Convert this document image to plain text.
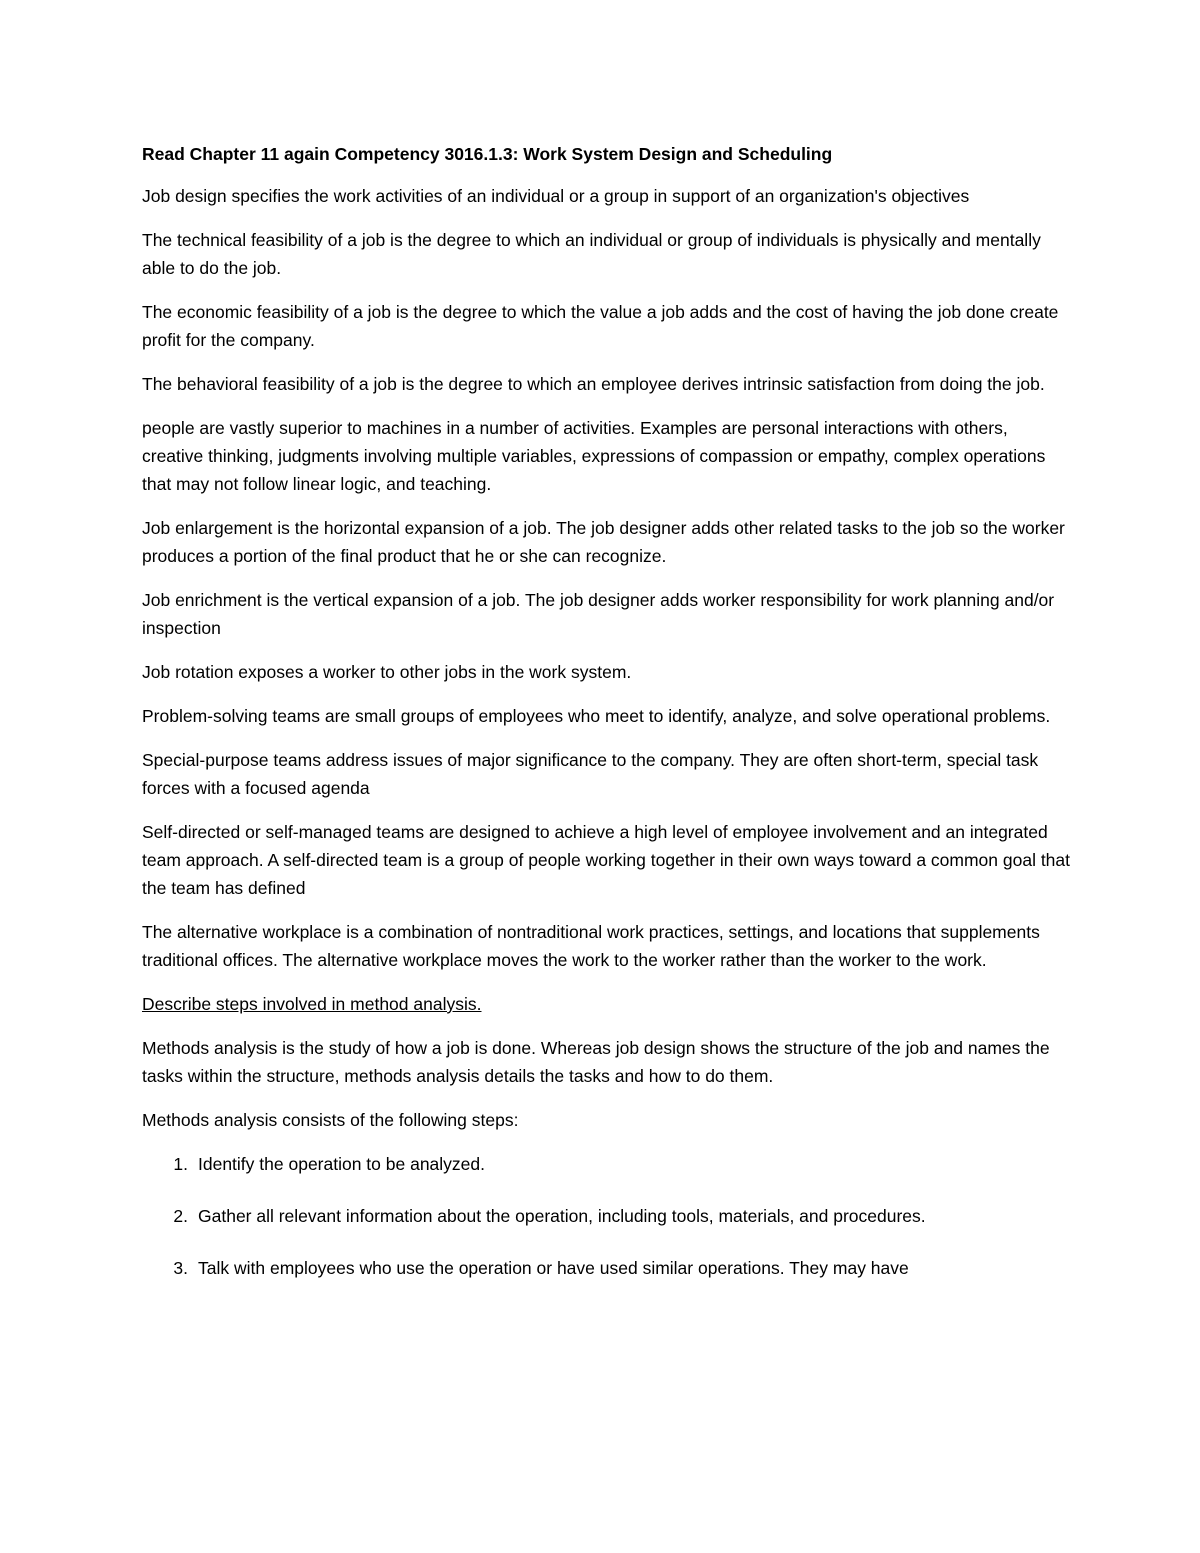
Read Chapter 11 again Competency 3016.1.3: Work System Design and Scheduling
Job design specifies the work activities of an individual or a group in support of an organization's objectives
The technical feasibility of a job is the degree to which an individual or group of individuals is physically and mentally able to do the job.
The economic feasibility of a job is the degree to which the value a job adds and the cost of having the job done create profit for the company.
The behavioral feasibility of a job is the degree to which an employee derives intrinsic satisfaction from doing the job.
people are vastly superior to machines in a number of activities. Examples are personal interactions with others, creative thinking, judgments involving multiple variables, expressions of compassion or empathy, complex operations that may not follow linear logic, and teaching.
Job enlargement is the horizontal expansion of a job. The job designer adds other related tasks to the job so the worker produces a portion of the final product that he or she can recognize.
Job enrichment is the vertical expansion of a job. The job designer adds worker responsibility for work planning and/or inspection
Job rotation exposes a worker to other jobs in the work system.
Problem-solving teams are small groups of employees who meet to identify, analyze, and solve operational problems.
Special-purpose teams address issues of major significance to the company. They are often short-term, special task forces with a focused agenda
Self-directed or self-managed teams are designed to achieve a high level of employee involvement and an integrated team approach. A self-directed team is a group of people working together in their own ways toward a common goal that the team has defined
The alternative workplace is a combination of nontraditional work practices, settings, and locations that supplements traditional offices. The alternative workplace moves the work to the worker rather than the worker to the work.
Describe steps involved in method analysis.
Methods analysis is the study of how a job is done. Whereas job design shows the structure of the job and names the tasks within the structure, methods analysis details the tasks and how to do them.
Methods analysis consists of the following steps:
1. Identify the operation to be analyzed.
2. Gather all relevant information about the operation, including tools, materials, and procedures.
3. Talk with employees who use the operation or have used similar operations. They may have
